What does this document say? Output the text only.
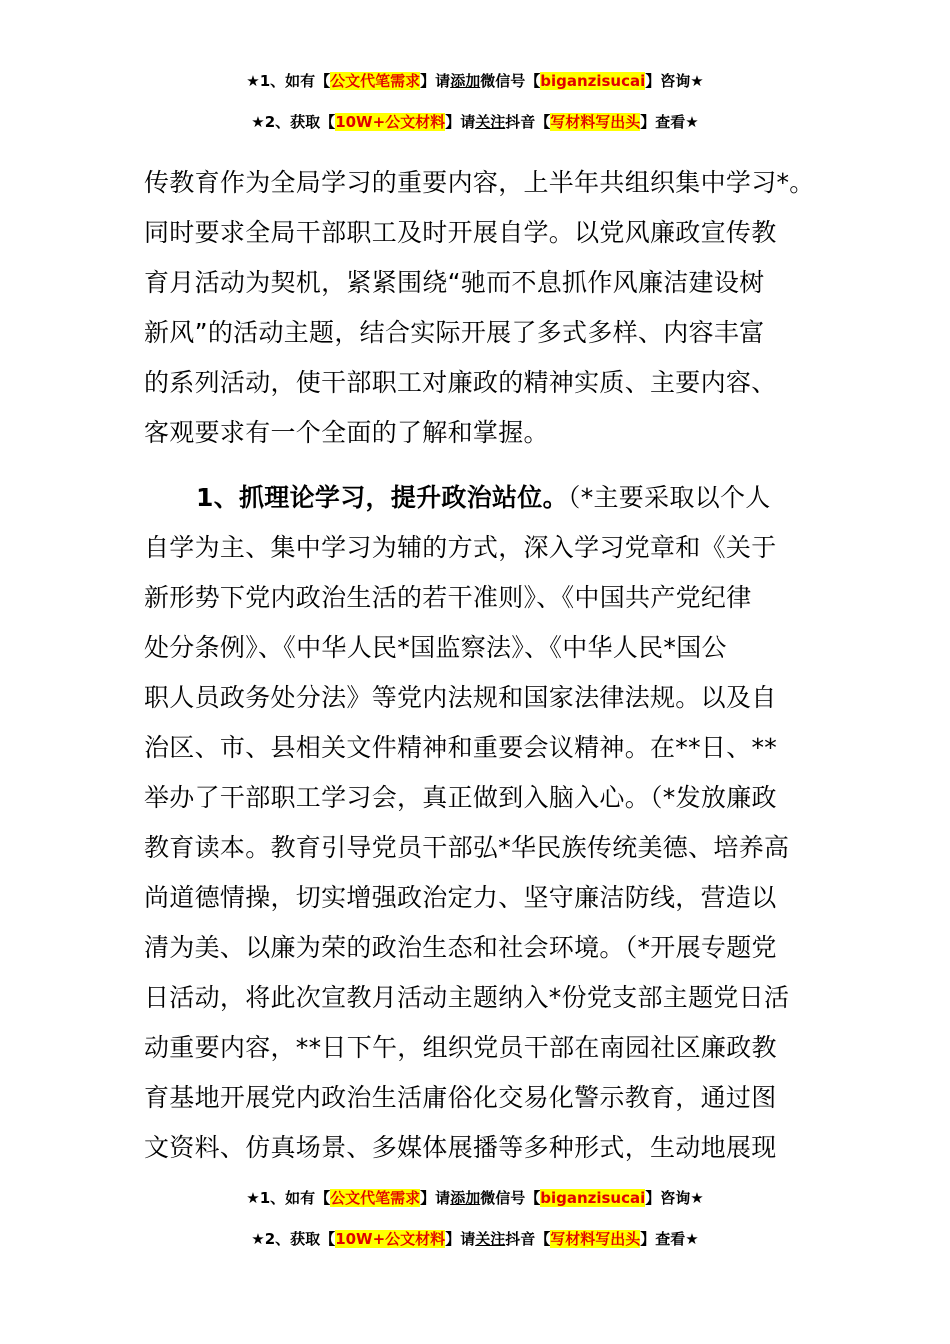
★1、如有【公文代笔需求】请添加微信号【biganzisucai】咨询★
★2、获取【10W+公文材料】请关注抖音【写材料写出头】查看★
传教育作为全局学习的重要内容，上半年共组织集中学习*。
同时要求全局干部职工及时开展自学。以党风廉政宣传教
育月活动为契机，紧紧围绕“驰而不息抓作风廉洁建设树
新风”的活动主题，结合实际开展了多式多样、内容丰富
的系列活动，使干部职工对廉政的精神实质、主要内容、
客观要求有一个全面的了解和掌握。
1、抓理论学习，提升政治站位。（*主要采取以个人
自学为主、集中学习为辅的方式，深入学习党章和《关于
新形势下党内政治生活的若干准则》、《中国共产党纪律
处分条例》、《中华人民*国监察法》、《中华人民*国公
职人员政务处分法》等党内法规和国家法律法规。以及自
治区、市、县相关文件精神和重要会议精神。在**日、**
举办了干部职工学习会，真正做到入脑入心。（*发放廉政
教育读本。教育引导党员干部弘*华民族传统美德、培养高
尚道德情操，切实增强政治定力、坚守廉洁防线，营造以
清为美、以廉为荣的政治生态和社会环境。（*开展专题党
日活动，将此次宣教月活动主题纳入*份党支部主题党日活
动重要内容，**日下午，组织党员干部在南园社区廉政教
育基地开展党内政治生活庸俗化交易化警示教育，通过图
文资料、仿真场景、多媒体展播等多种形式，生动地展现
★1、如有【公文代笔需求】请添加微信号【biganzisucai】咨询★
★2、获取【10W+公文材料】请关注抖音【写材料写出头】查看★
